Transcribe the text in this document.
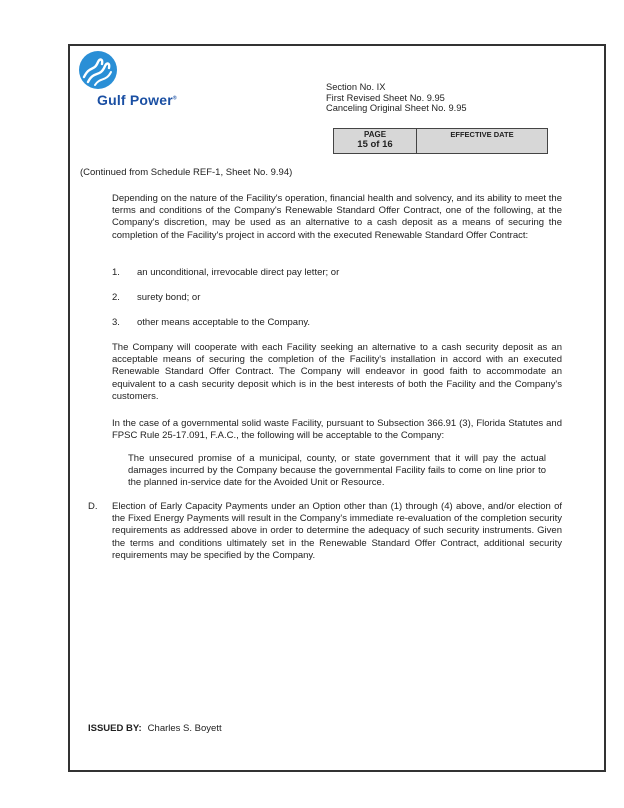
Gulf Power®
Section No. IX
First Revised Sheet No. 9.95
Canceling Original Sheet No. 9.95
PAGE
15 of 16
EFFECTIVE DATE
(Continued from Schedule REF-1, Sheet No. 9.94)
Depending on the nature of the Facility's operation, financial health and solvency, and its ability to meet the terms and conditions of the Company's Renewable Standard Offer Contract, one of the following, at the Company's discretion, may be used as an alternative to a cash deposit as a means of securing the completion of the Facility's project in accord with the executed Renewable Standard Offer Contract:
1. an unconditional, irrevocable direct pay letter; or
2. surety bond; or
3. other means acceptable to the Company.
The Company will cooperate with each Facility seeking an alternative to a cash security deposit as an acceptable means of securing the completion of the Facility's installation in accord with an executed Renewable Standard Offer Contract. The Company will endeavor in good faith to accommodate an equivalent to a cash security deposit which is in the best interests of both the Facility and the Company's customers.
In the case of a governmental solid waste Facility, pursuant to Subsection 366.91 (3), Florida Statutes and FPSC Rule 25-17.091, F.A.C., the following will be acceptable to the Company:
The unsecured promise of a municipal, county, or state government that it will pay the actual damages incurred by the Company because the governmental Facility fails to come on line prior to the planned in-service date for the Avoided Unit or Resource.
D. Election of Early Capacity Payments under an Option other than (1) through (4) above, and/or election of the Fixed Energy Payments will result in the Company's immediate re-evaluation of the completion security requirements as addressed above in order to determine the adequacy of such security instruments. Given the terms and conditions ultimately set in the Renewable Standard Offer Contract, additional security requirements may be specified by the Company.
ISSUED BY: Charles S. Boyett
